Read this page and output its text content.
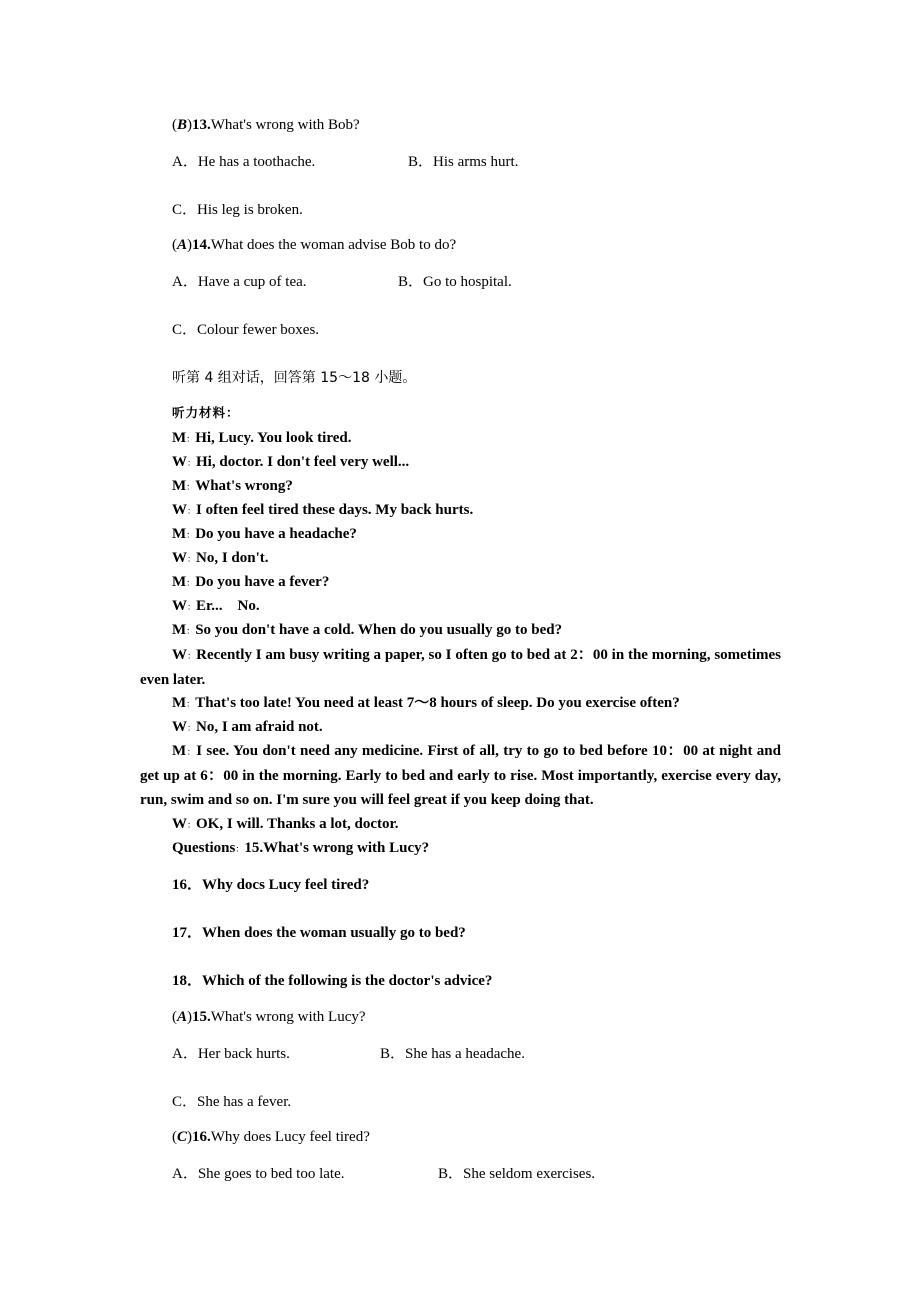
(B)13.What's wrong with Bob?
A．He has a toothache.	B．His arms hurt.
C．His leg is broken.
(A)14.What does the woman advise Bob to do?
A．Have a cup of tea.	B．Go to hospital.
C．Colour fewer boxes.
听第 4 组对话，回答第 15～18 小题。
听力材料：
M：Hi, Lucy. You look tired.
W：Hi, doctor. I don't feel very well...
M：What's wrong?
W：I often feel tired these days. My back hurts.
M：Do you have a headache?
W：No, I don't.
M：Do you have a fever?
W：Er...    No.
M：So you don't have a cold. When do you usually go to bed?
W：Recently I am busy writing a paper, so I often go to bed at 2：00 in the morning, sometimes even later.
M：That's too late! You need at least 7～8 hours of sleep. Do you exercise often?
W：No, I am afraid not.
M：I see. You don't need any medicine. First of all, try to go to bed before 10：00 at night and get up at 6：00 in the morning. Early to bed and early to rise. Most importantly, exercise every day, run, swim and so on. I'm sure you will feel great if you keep doing that.
W：OK, I will. Thanks a lot, doctor.
Questions：15.What's wrong with Lucy?
16．Why docs Lucy feel tired?
17．When does the woman usually go to bed?
18．Which of the following is the doctor's advice?
(A)15.What's wrong with Lucy?
A．Her back hurts.	B．She has a headache.
C．She has a fever.
(C)16.Why does Lucy feel tired?
A．She goes to bed too late.	B．She seldom exercises.
